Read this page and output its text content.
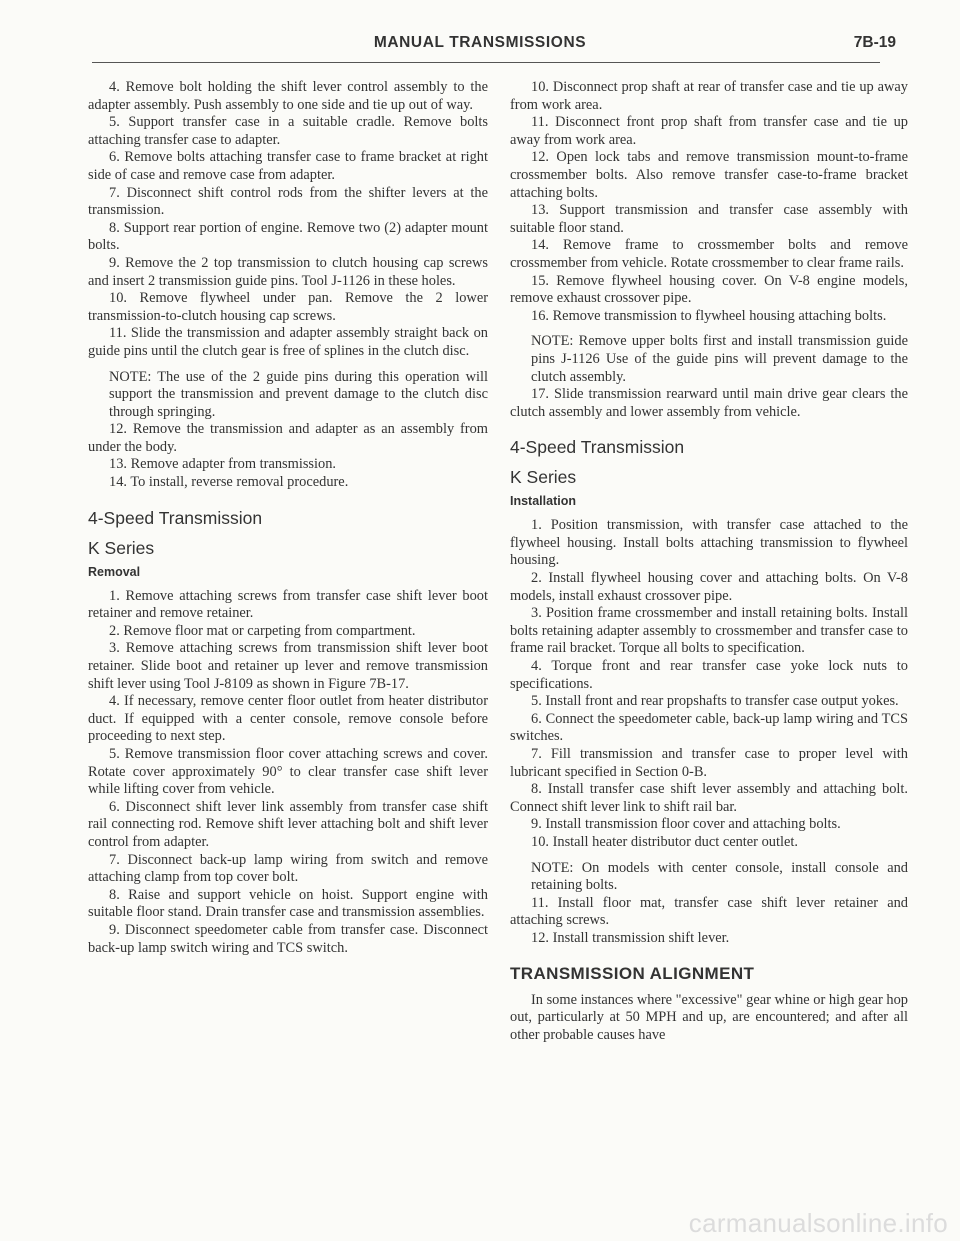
MANUAL TRANSMISSIONS	7B-19

4. Remove bolt holding the shift lever control assembly to the adapter assembly. Push assembly to one side and tie up out of way.

5. Support transfer case in a suitable cradle. Remove bolts attaching transfer case to adapter.

6. Remove bolts attaching transfer case to frame bracket at right side of case and remove case from adapter.

7. Disconnect shift control rods from the shifter levers at the transmission.

8. Support rear portion of engine. Remove two (2) adapter mount bolts.

9. Remove the 2 top transmission to clutch housing cap screws and insert 2 transmission guide pins. Tool J-1126 in these holes.

10. Remove flywheel under pan. Remove the 2 lower transmission-to-clutch housing cap screws.

11. Slide the transmission and adapter assembly straight back on guide pins until the clutch gear is free of splines in the clutch disc.

NOTE: The use of the 2 guide pins during this operation will support the transmission and prevent damage to the clutch disc through springing.

12. Remove the transmission and adapter as an assembly from under the body.

13. Remove adapter from transmission.

14. To install, reverse removal procedure.

4-Speed Transmission
K Series
Removal

1. Remove attaching screws from transfer case shift lever boot retainer and remove retainer.

2. Remove floor mat or carpeting from compartment.

3. Remove attaching screws from transmission shift lever boot retainer. Slide boot and retainer up lever and remove transmission shift lever using Tool J-8109 as shown in Figure 7B-17.

4. If necessary, remove center floor outlet from heater distributor duct. If equipped with a center console, remove console before proceeding to next step.

5. Remove transmission floor cover attaching screws and cover. Rotate cover approximately 90° to clear transfer case shift lever while lifting cover from vehicle.

6. Disconnect shift lever link assembly from transfer case shift rail connecting rod. Remove shift lever attaching bolt and shift lever control from adapter.

7. Disconnect back-up lamp wiring from switch and remove attaching clamp from top cover bolt.

8. Raise and support vehicle on hoist. Support engine with suitable floor stand. Drain transfer case and transmission assemblies.

9. Disconnect speedometer cable from transfer case. Disconnect back-up lamp switch wiring and TCS switch.

10. Disconnect prop shaft at rear of transfer case and tie up away from work area.

11. Disconnect front prop shaft from transfer case and tie up away from work area.

12. Open lock tabs and remove transmission mount-to-frame crossmember bolts. Also remove transfer case-to-frame bracket attaching bolts.

13. Support transmission and transfer case assembly with suitable floor stand.

14. Remove frame to crossmember bolts and remove crossmember from vehicle. Rotate crossmember to clear frame rails.

15. Remove flywheel housing cover. On V-8 engine models, remove exhaust crossover pipe.

16. Remove transmission to flywheel housing attaching bolts.

NOTE: Remove upper bolts first and install transmission guide pins J-1126 Use of the guide pins will prevent damage to the clutch assembly.

17. Slide transmission rearward until main drive gear clears the clutch assembly and lower assembly from vehicle.

4-Speed Transmission
K Series
Installation

1. Position transmission, with transfer case attached to the flywheel housing. Install bolts attaching transmission to flywheel housing.

2. Install flywheel housing cover and attaching bolts. On V-8 models, install exhaust crossover pipe.

3. Position frame crossmember and install retaining bolts. Install bolts retaining adapter assembly to crossmember and transfer case to frame rail bracket. Torque all bolts to specification.

4. Torque front and rear transfer case yoke lock nuts to specifications.

5. Install front and rear propshafts to transfer case output yokes.

6. Connect the speedometer cable, back-up lamp wiring and TCS switches.

7. Fill transmission and transfer case to proper level with lubricant specified in Section 0-B.

8. Install transfer case shift lever assembly and attaching bolt. Connect shift lever link to shift rail bar.

9. Install transmission floor cover and attaching bolts.

10. Install heater distributor duct center outlet.

NOTE: On models with center console, install console and retaining bolts.

11. Install floor mat, transfer case shift lever retainer and attaching screws.

12. Install transmission shift lever.

TRANSMISSION ALIGNMENT

In some instances where "excessive" gear whine or high gear hop out, particularly at 50 MPH and up, are encountered; and after all other probable causes have

carmanualsonline.info
